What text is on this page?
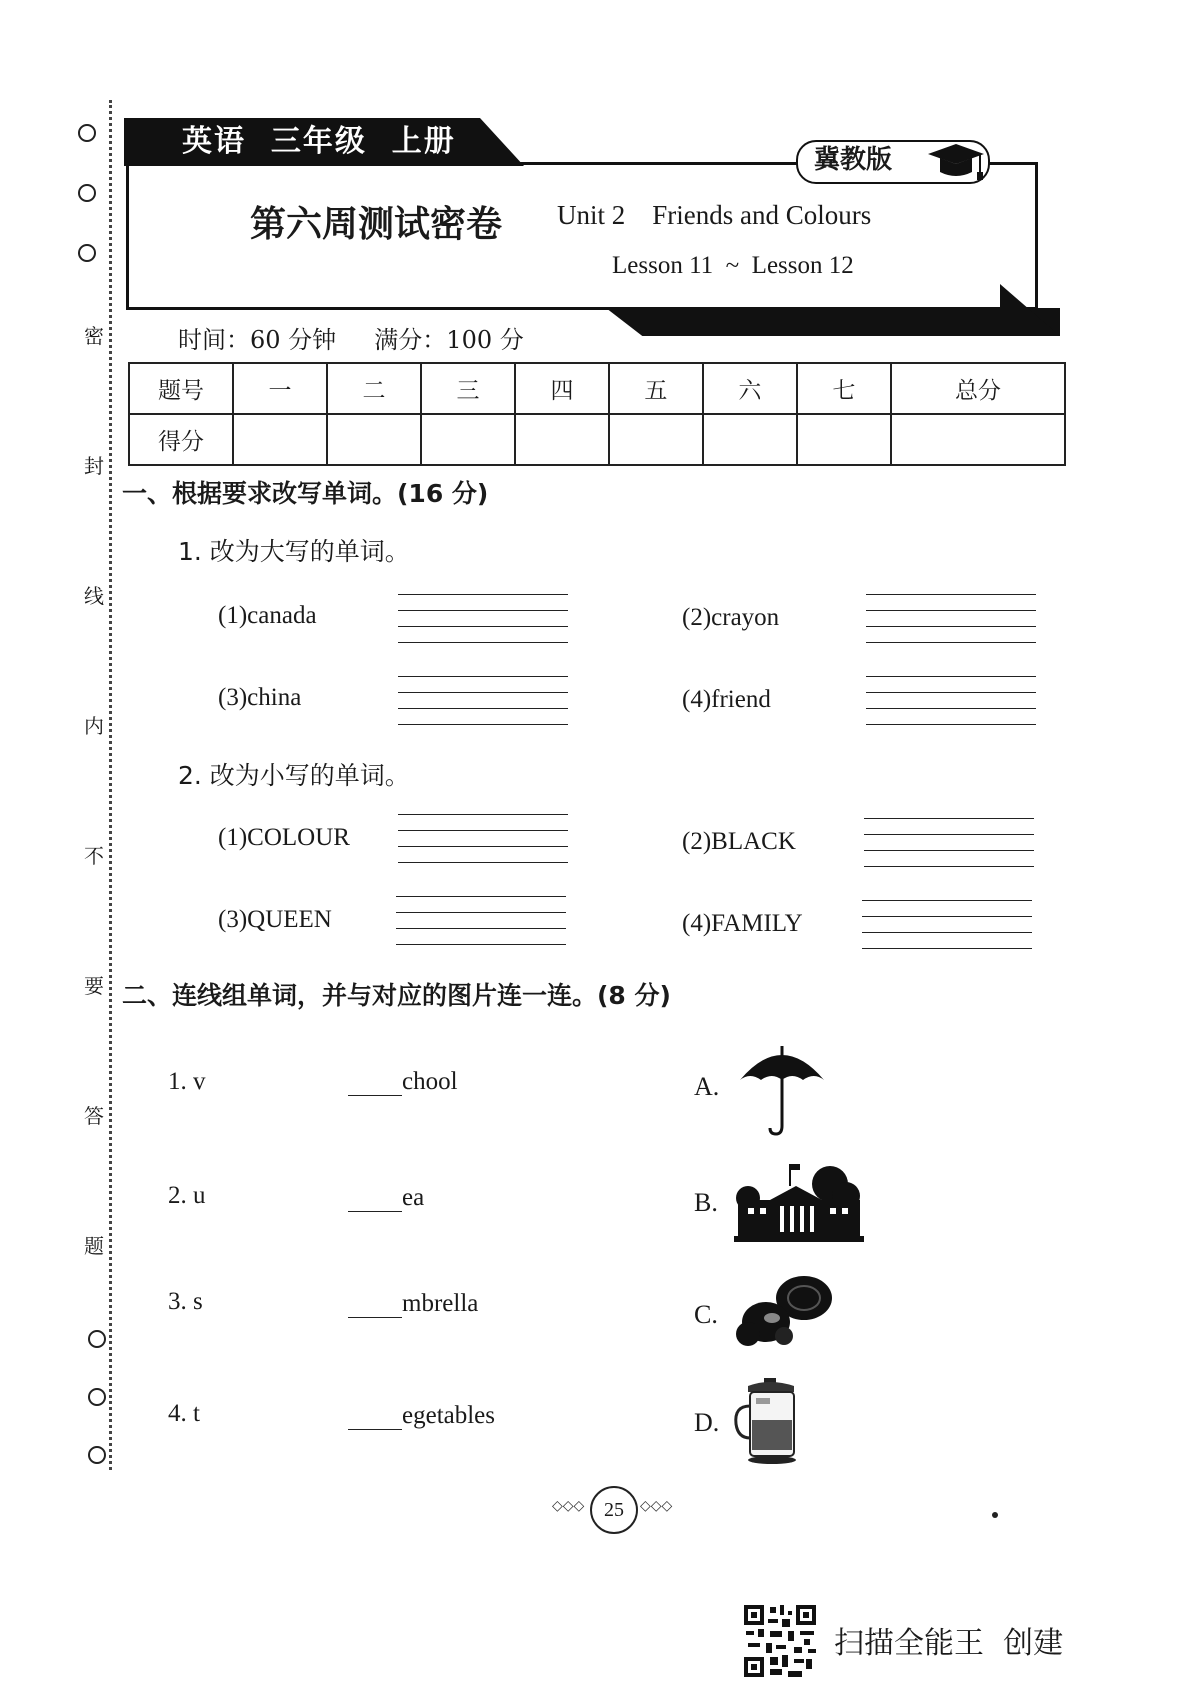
密
封
线
内
不
要
答
题
英语  三年级  上册
冀教版
第六周测试密卷 Unit 2    Friends and Colours
Lesson 11  ~  Lesson 12
时间：60 分钟     满分：100 分
题号	一	二	三	四	五	六	七	总分
得分								
一、根据要求改写单词。(16 分)
1. 改为大写的单词。
(1)canada	(2)crayon
(3)china	(4)friend
2. 改为小写的单词。
(1)COLOUR	(2)BLACK
(3)QUEEN	(4)FAMILY
二、连线组单词，并与对应的图片连一连。(8 分)
1. v	chool	A.
2. u	ea	B.
3. s	mbrella	C.
4. t	egetables	D.
◇◇◇ 25	◇◇◇
扫描全能王  创建
